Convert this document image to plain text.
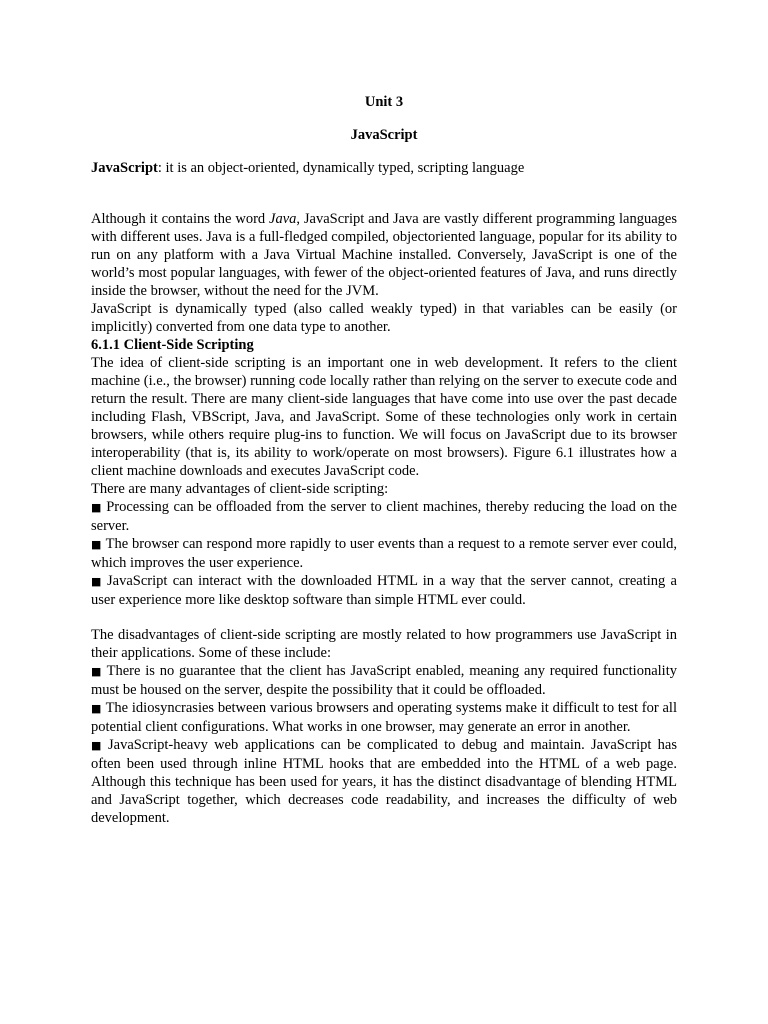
Unit 3

JavaScript

JavaScript: it is an object-oriented, dynamically typed, scripting language

Although it contains the word Java, JavaScript and Java are vastly different programming languages with different uses. Java is a full-fledged compiled, objectoriented language, popular for its ability to run on any platform with a Java Virtual Machine installed. Conversely, JavaScript is one of the world’s most popular languages, with fewer of the object-oriented features of Java, and runs directly inside the browser, without the need for the JVM.

JavaScript is dynamically typed (also called weakly typed) in that variables can be easily (or implicitly) converted from one data type to another.

6.1.1 Client-Side Scripting

The idea of client-side scripting is an important one in web development. It refers to the client machine (i.e., the browser) running code locally rather than relying on the server to execute code and return the result. There are many client-side languages that have come into use over the past decade including Flash, VBScript, Java, and JavaScript. Some of these technologies only work in certain browsers, while others require plug-ins to function. We will focus on JavaScript due to its browser interoperability (that is, its ability to work/operate on most browsers). Figure 6.1 illustrates how a client machine downloads and executes JavaScript code.

There are many advantages of client-side scripting:

■ Processing can be offloaded from the server to client machines, thereby reducing the load on the server.

■ The browser can respond more rapidly to user events than a request to a remote server ever could, which improves the user experience.

■ JavaScript can interact with the downloaded HTML in a way that the server cannot, creating a user experience more like desktop software than simple HTML ever could.

The disadvantages of client-side scripting are mostly related to how programmers use JavaScript in their applications. Some of these include:

■ There is no guarantee that the client has JavaScript enabled, meaning any required functionality must be housed on the server, despite the possibility that it could be offloaded.

■ The idiosyncrasies between various browsers and operating systems make it difficult to test for all potential client configurations. What works in one browser, may generate an error in another.

■ JavaScript-heavy web applications can be complicated to debug and maintain. JavaScript has often been used through inline HTML hooks that are embedded into the HTML of a web page. Although this technique has been used for years, it has the distinct disadvantage of blending HTML and JavaScript together, which decreases code readability, and increases the difficulty of web development.
